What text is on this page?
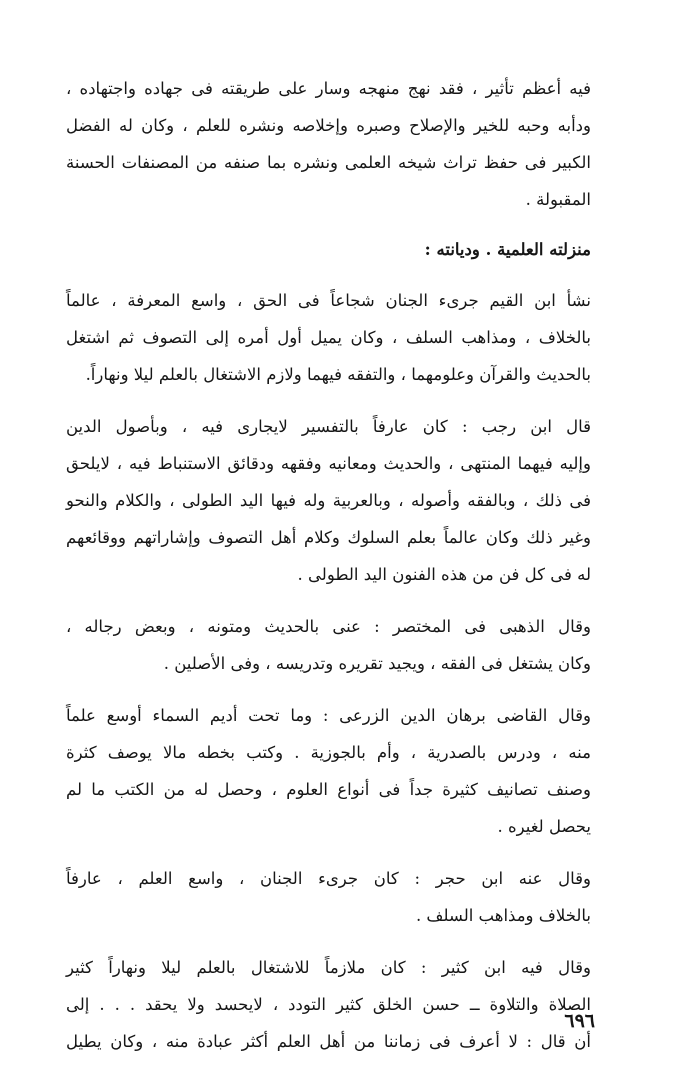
فيه أعظم تأثير ، فقد نهج منهجه وسار على طريقته فى جهاده واجتهاده ،
ودأبه وحبه للخير والإصلاح وصبره وإخلاصه ونشره للعلم ، وكان له الفضل
الكبير فى حفظ تراث شيخه العلمى ونشره بما صنفه من المصنفات الحسنة
المقبولة .
منزلته العلمية . وديانته :
نشأ ابن القيم جرىء الجنان شجاعاً فى الحق ، واسع المعرفة ، عالماً
بالخلاف ، ومذاهب السلف ، وكان يميل أول أمره إلى التصوف ثم اشتغل
بالحديث والقرآن وعلومهما ، والتفقه فيهما ولازم الاشتغال بالعلم ليلا ونهاراً.
قال ابن رجب : كان عارفاً بالتفسير لايجارى فيه ، وبأصول الدين
وإليه فيهما المنتهى ، والحديث ومعانيه وفقهه ودقائق الاستنباط فيه ، لايلحق
فى ذلك ، وبالفقه وأصوله ، وبالعربية وله فيها اليد الطولى ، والكلام والنحو
وغير ذلك وكان عالماً بعلم السلوك وكلام أهل التصوف وإشاراتهم ووقائعهم
له فى كل فن من هذه الفنون اليد الطولى .
وقال الذهبى فى المختصر : عنى بالحديث ومتونه ، وبعض رجاله ،
وكان يشتغل فى الفقه ، ويجيد تقريره وتدريسه ، وفى الأصلين .
وقال القاضى برهان الدين الزرعى : وما تحت أديم السماء أوسع علماً
منه ، ودرس بالصدرية ، وأم بالجوزية . وكتب بخطه مالا يوصف كثرة
وصنف تصانيف كثيرة جداً فى أنواع العلوم ، وحصل له من الكتب ما لم
يحصل لغيره .
وقال عنه ابن حجر : كان جرىء الجنان ، واسع العلم ، عارفاً
بالخلاف ومذاهب السلف .
وقال فيه ابن كثير : كان ملازماً للاشتغال بالعلم ليلا ونهاراً كثير
الصلاة والتلاوة ــ حسن الخلق كثير التودد ، لايحسد ولا يحقد . . . إلى
أن قال : لا أعرف فى زماننا من أهل العلم أكثر عبادة منه ، وكان يطيل
٦٩٦
